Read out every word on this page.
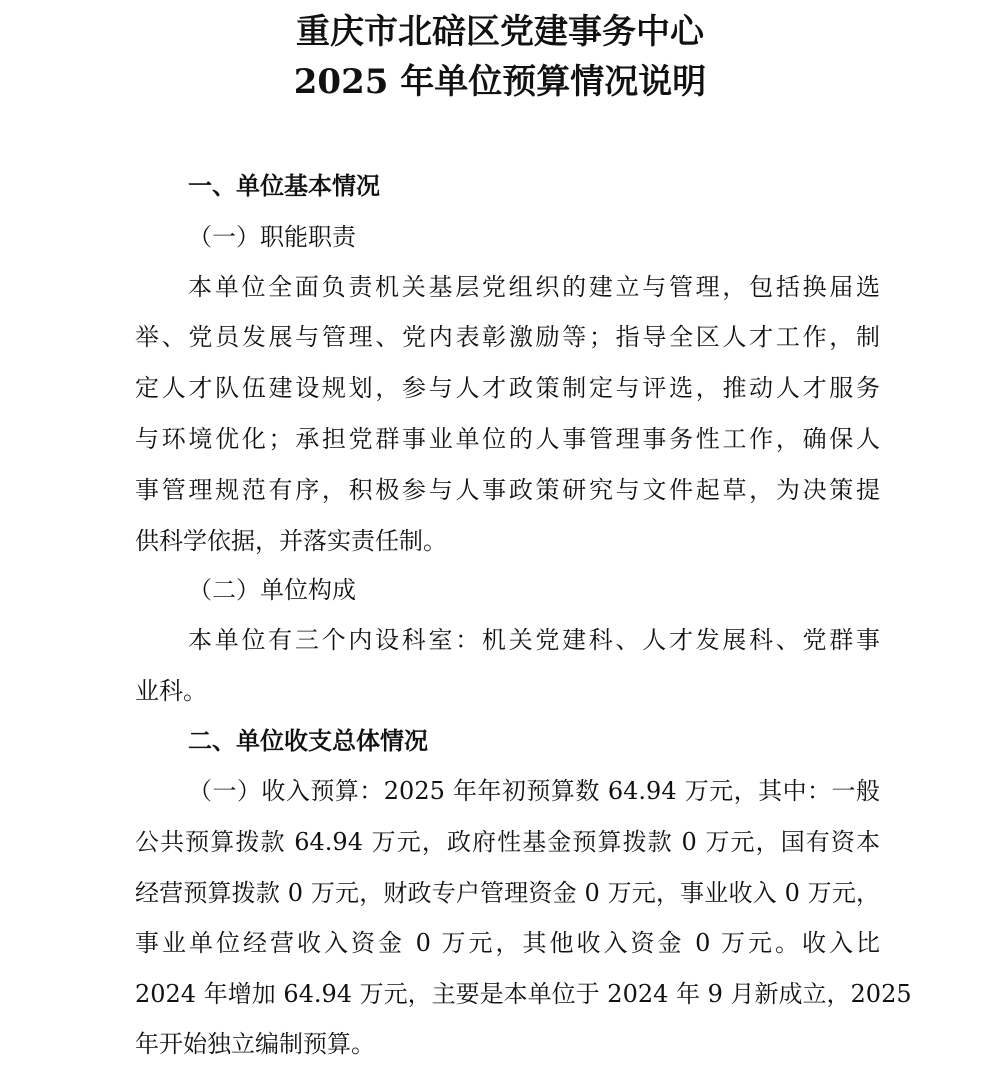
重庆市北碚区党建事务中心
2025 年单位预算情况说明
一、单位基本情况
（一）职能职责
本单位全面负责机关基层党组织的建立与管理，包括换届选
举、党员发展与管理、党内表彰激励等；指导全区人才工作，制
定人才队伍建设规划，参与人才政策制定与评选，推动人才服务
与环境优化；承担党群事业单位的人事管理事务性工作，确保人
事管理规范有序，积极参与人事政策研究与文件起草，为决策提
供科学依据，并落实责任制。
（二）单位构成
本单位有三个内设科室：机关党建科、人才发展科、党群事
业科。
二、单位收支总体情况
（一）收入预算：2025 年年初预算数 64.94 万元，其中：一般
公共预算拨款 64.94 万元，政府性基金预算拨款 0 万元，国有资本
经营预算拨款 0 万元，财政专户管理资金 0 万元，事业收入 0 万元，
事业单位经营收入资金 0 万元，其他收入资金 0 万元。收入比
2024 年增加 64.94 万元，主要是本单位于 2024 年 9 月新成立，2025
年开始独立编制预算。
